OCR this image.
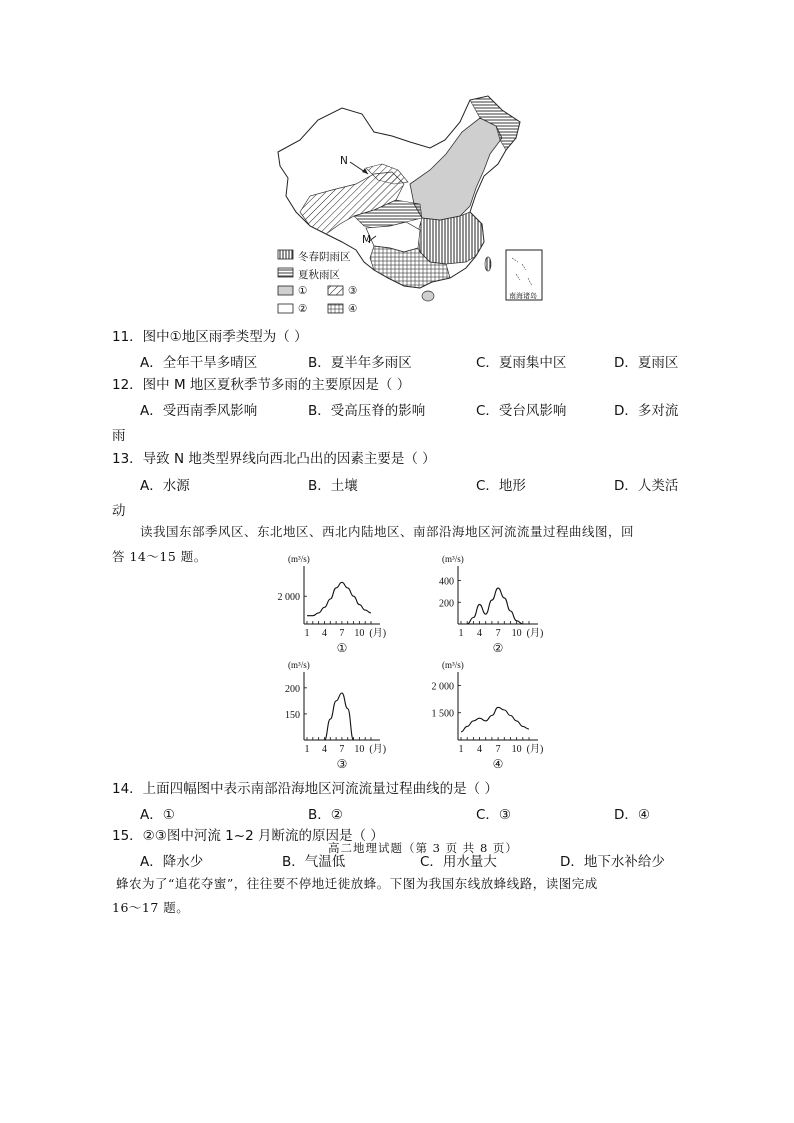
N
M
南海诸岛
冬春阴雨区
夏秋雨区
①	③
②	④
11．图中①地区雨季类型为（ ）
A．全年干旱多晴区	B．夏半年多雨区	C．夏雨集中区	D．夏雨区
12．图中 M 地区夏秋季节多雨的主要原因是（ ）
A．受西南季风影响	B．受高压脊的影响	C．受台风影响	D．多对流
雨
13．导致 N 地类型界线向西北凸出的因素主要是（ ）
A．水源	B．土壤	C．地形	D．人类活
动
读我国东部季风区、东北地区、西北内陆地区、南部沿海地区河流流量过程曲线图，回
答 14～15 题。
1 4 7 10 (月)
2 000
(m³/s)
①
1 4 7 10 (月)
400
200
(m³/s)
②
1 4 7 10 (月)
200
150
(m³/s)
③
1 4 7 10 (月)
2 000
1 500
(m³/s)
④
14．上面四幅图中表示南部沿海地区河流流量过程曲线的是（ ）
A．①	B．②	C．③	D．④
15．②③图中河流 1~2 月断流的原因是（ ）
高二地理试题（第 3 页 共 8 页）
A．降水少	B．气温低	C．用水量大	D．地下水补给少
蜂农为了“追花夺蜜”，往往要不停地迁徙放蜂。下图为我国东线放蜂线路，读图完成
16～17 题。
